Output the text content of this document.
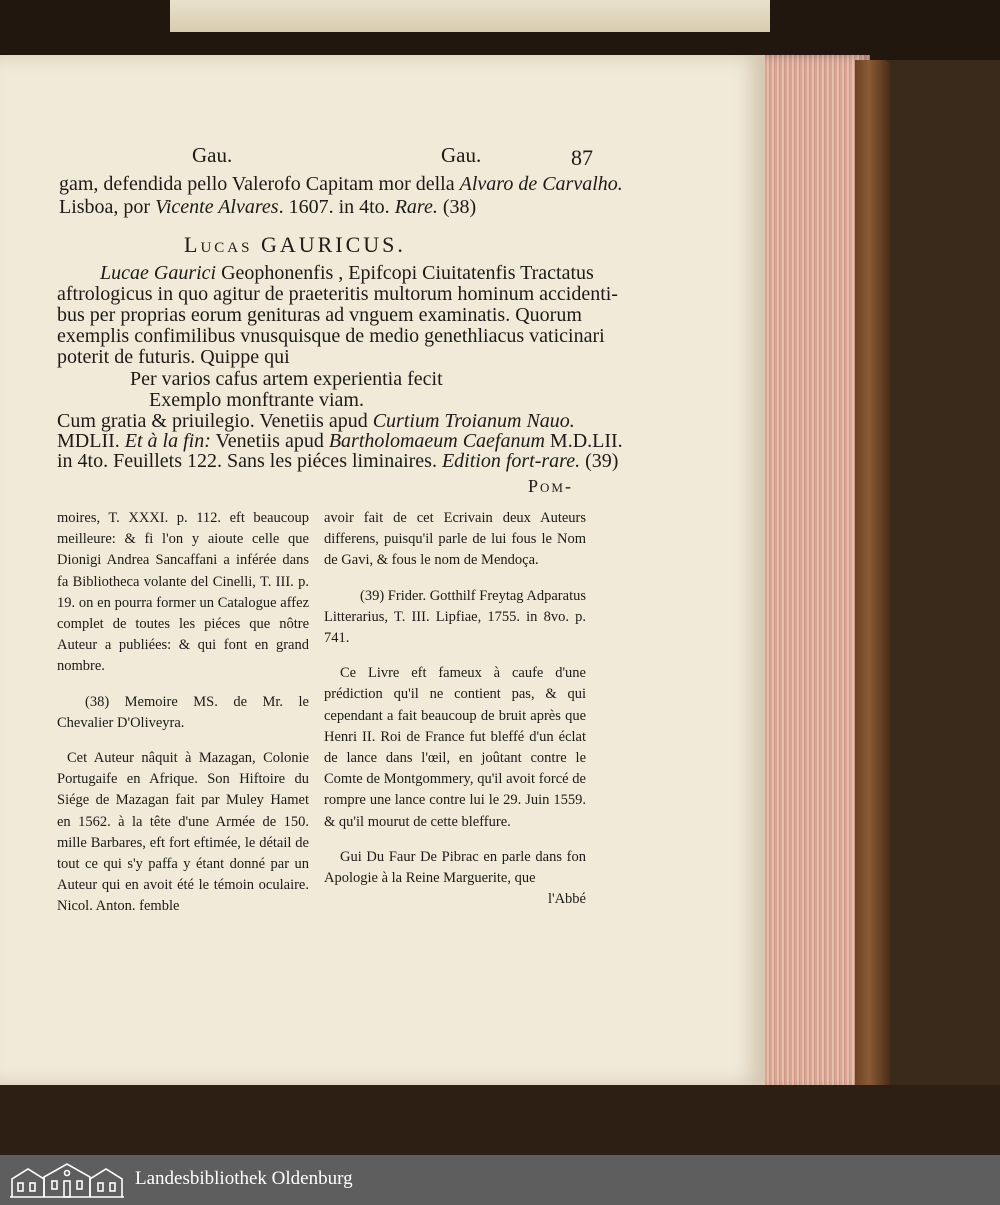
Gau.	Gau.	87
gam, defendida pello Valerofo Capitam mor della Alvaro de Carvalho.
Lisboa, por Vicente Alvares. 1607. in 4to. Rare. (38)
Lucas GAURICUS.
Lucae Gaurici Geophonenfis , Epifcopi Ciuitatenfis Tractatus
aftrologicus in quo agitur de praeteritis multorum hominum accidenti-
bus per proprias eorum genituras ad vnguem examinatis. Quorum
exemplis confimilibus vnusquisque de medio genethliacus vaticinari
poterit de futuris. Quippe qui
Per varios cafus artem experientia fecit
Exemplo monftrante viam.
Cum gratia & priuilegio. Venetiis apud Curtium Troianum Nauo.
MDLII. Et à la fin: Venetiis apud Bartholomaeum Caefanum M.D.LII.
in 4to. Feuillets 122. Sans les piéces liminaires. Edition fort-rare. (39)
Pom-

moires, T. XXXI. p. 112. eft beaucoup meilleure: & fi l'on y aioute celle que Dionigi Andrea Sancaffani a inférée dans fa Bibliotheca volante del Cinelli, T. III. p. 19. on en pourra former un Catalogue affez complet de toutes les piéces que nôtre Auteur a publiées: & qui font en grand nombre.

(38) Memoire MS. de Mr. le Chevalier D'Oliveyra.

Cet Auteur nâquit à Mazagan, Colonie Portugaife en Afrique. Son Hiftoire du Siége de Mazagan fait par Muley Hamet en 1562. à la tête d'une Armée de 150. mille Barbares, eft fort eftimée, le détail de tout ce qui s'y paffa y étant donné par un Auteur qui en avoit été le témoin oculaire. Nicol. Anton. femble

avoir fait de cet Ecrivain deux Auteurs differens, puisqu'il parle de lui fous le Nom de Gavi, & fous le nom de Mendoça.

(39) Frider. Gotthilf Freytag Adparatus Litterarius, T. III. Lipfiae, 1755. in 8vo. p. 741.

Ce Livre eft fameux à caufe d'une prédiction qu'il ne contient pas, & qui cependant a fait beaucoup de bruit après que Henri II. Roi de France fut bleffé d'un éclat de lance dans l'œil, en joûtant contre le Comte de Montgommery, qu'il avoit forcé de rompre une lance contre lui le 29. Juin 1559. & qu'il mourut de cette bleffure.

Gui Du Faur De Pibrac en parle dans fon Apologie à la Reine Marguerite, que

l'Abbé

Landesbibliothek Oldenburg
